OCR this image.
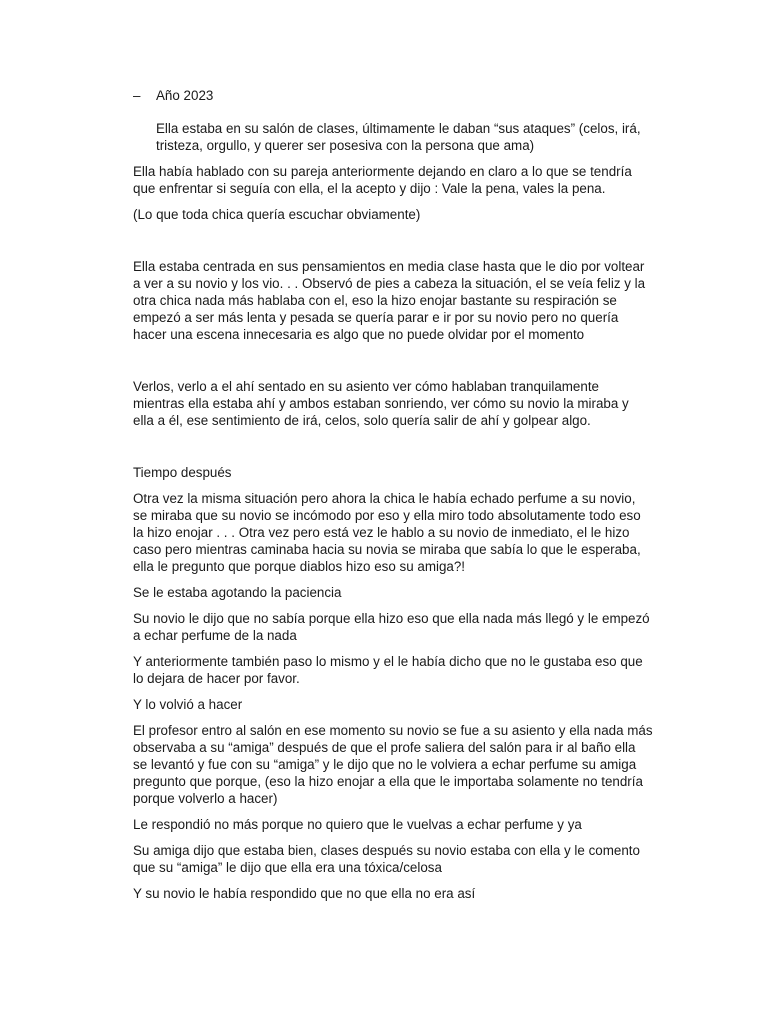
– Año 2023

Ella estaba en su salón de clases, últimamente le daban “sus ataques” (celos, irá, tristeza, orgullo, y querer ser posesiva con la persona que ama)

Ella había hablado con su pareja anteriormente dejando en claro a lo que se tendría que enfrentar si seguía con ella, el la acepto y dijo : Vale la pena, vales la pena.

(Lo que toda chica quería escuchar obviamente)

Ella estaba centrada en sus pensamientos en media clase hasta que le dio por voltear a ver a su novio y los vio. . . Observó de pies a cabeza la situación, el se veía feliz y la otra chica nada más hablaba con el, eso la hizo enojar bastante su respiración se empezó a ser más lenta y pesada se quería parar e ir por su novio pero no quería hacer una escena innecesaria es algo que no puede olvidar por el momento

Verlos, verlo a el ahí sentado en su asiento ver cómo hablaban tranquilamente mientras ella estaba ahí y ambos estaban sonriendo, ver cómo su novio la miraba y ella a él, ese sentimiento de irá, celos, solo quería salir de ahí y golpear algo.

Tiempo después

Otra vez la misma situación pero ahora la chica le había echado perfume a su novio, se miraba que su novio se incómodo por eso y ella miro todo absolutamente todo eso la hizo enojar . . . Otra vez pero está vez le hablo a su novio de inmediato, el le hizo caso pero mientras caminaba hacia su novia se miraba que sabía lo que le esperaba, ella le pregunto que porque diablos hizo eso su amiga?!

Se le estaba agotando la paciencia

Su novio le dijo que no sabía porque ella hizo eso que ella nada más llegó y le empezó a echar perfume de la nada

Y anteriormente también paso lo mismo y el le había dicho que no le gustaba eso que lo dejara de hacer por favor.

Y lo volvió a hacer

El profesor entro al salón en ese momento su novio se fue a su asiento y ella nada más observaba a su “amiga” después de que el profe saliera del salón para ir al baño ella se levantó y fue con su “amiga” y le dijo que no le volviera a echar perfume su amiga pregunto que porque, (eso la hizo enojar a ella que le importaba solamente no tendría porque volverlo a hacer)

Le respondió no más porque no quiero que le vuelvas a echar perfume y ya

Su amiga dijo que estaba bien, clases después su novio estaba con ella y le comento que su “amiga” le dijo que ella era una tóxica/celosa

Y su novio le había respondido que no que ella no era así
